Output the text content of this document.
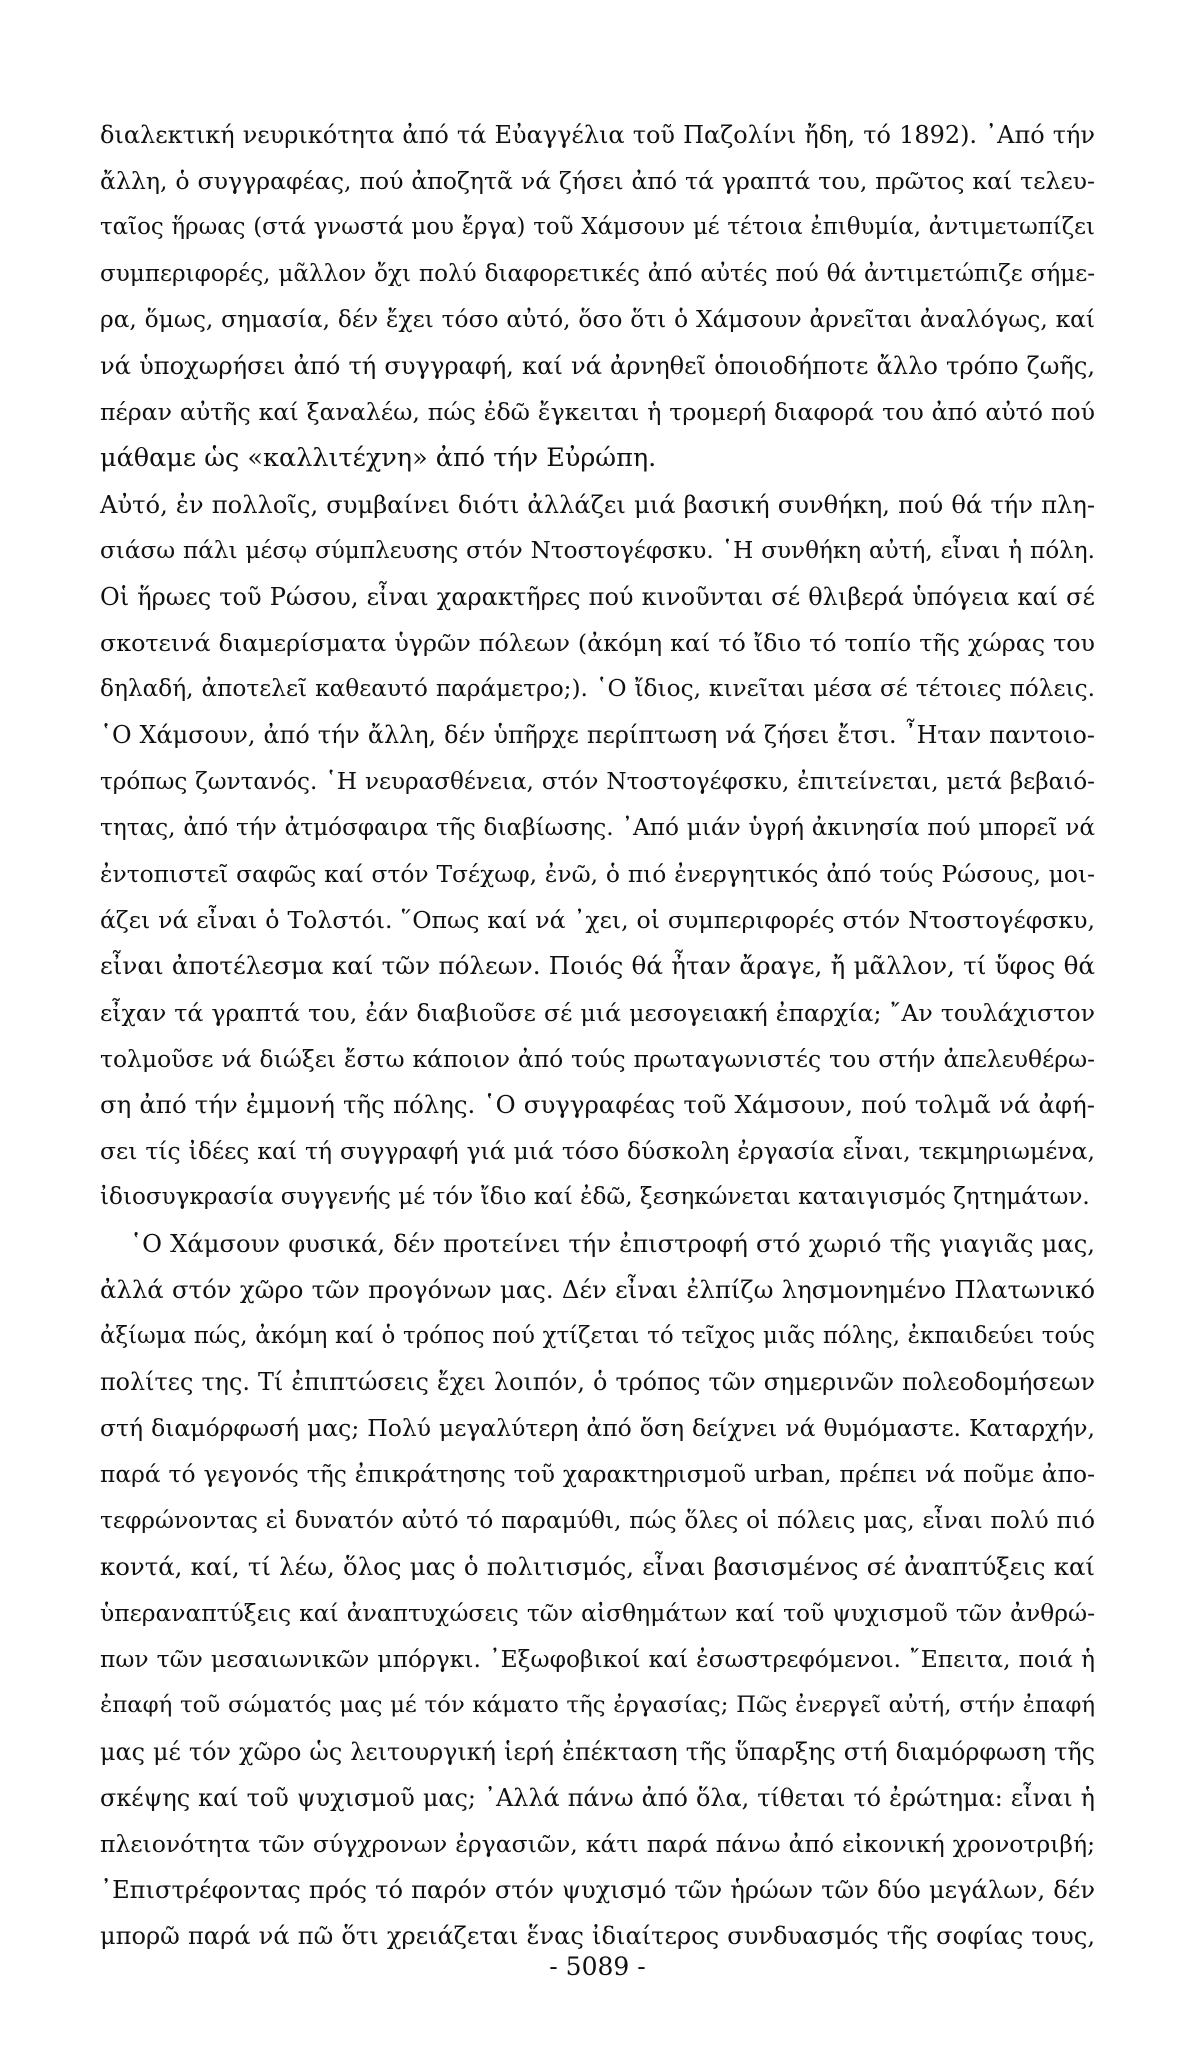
διαλεκτική νευρικότητα ἀπό τά Εὐαγγέλια τοῦ Παζολίνι ἤδη, τό 1892). ᾿Από τήν
ἄλλη, ὁ συγγραφέας, πού ἀποζητᾶ νά ζήσει ἀπό τά γραπτά του, πρῶτος καί τελευ-
ταῖος ἥρωας (στά γνωστά μου ἔργα) τοῦ Χάμσουν μέ τέτοια ἐπιθυμία, ἀντιμετωπίζει
συμπεριφορές, μᾶλλον ὄχι πολύ διαφορετικές ἀπό αὐτές πού θά ἀντιμετώπιζε σήμε-
ρα, ὅμως, σημασία, δέν ἔχει τόσο αὐτό, ὅσο ὅτι ὁ Χάμσουν ἀρνεῖται ἀναλόγως, καί
νά ὑποχωρήσει ἀπό τή συγγραφή, καί νά ἀρνηθεῖ ὁποιοδήποτε ἄλλο τρόπο ζωῆς,
πέραν αὐτῆς καί ξαναλέω, πώς ἐδῶ ἔγκειται ἡ τρομερή διαφορά του ἀπό αὐτό πού
μάθαμε ὡς «καλλιτέχνη» ἀπό τήν Εὐρώπη.
Αὐτό, ἐν πολλοῖς, συμβαίνει διότι ἀλλάζει μιά βασική συνθήκη, πού θά τήν πλη-
σιάσω πάλι μέσῳ σύμπλευσης στόν Ντοστογέφσκυ. ῾Η συνθήκη αὐτή, εἶναι ἡ πόλη.
Οἱ ἥρωες τοῦ Ρώσου, εἶναι χαρακτῆρες πού κινοῦνται σέ θλιβερά ὑπόγεια καί σέ
σκοτεινά διαμερίσματα ὑγρῶν πόλεων (ἀκόμη καί τό ἴδιο τό τοπίο τῆς χώρας του
δηλαδή, ἀποτελεῖ καθεαυτό παράμετρο;). ῾Ο ἴδιος, κινεῖται μέσα σέ τέτοιες πόλεις.
῾Ο Χάμσουν, ἀπό τήν ἄλλη, δέν ὑπῆρχε περίπτωση νά ζήσει ἔτσι. ῏Ηταν παντοιο-
τρόπως ζωντανός. ῾Η νευρασθένεια, στόν Ντοστογέφσκυ, ἐπιτείνεται, μετά βεβαιό-
τητας, ἀπό τήν ἀτμόσφαιρα τῆς διαβίωσης. ᾿Από μιάν ὑγρή ἀκινησία πού μπορεῖ νά
ἐντοπιστεῖ σαφῶς καί στόν Τσέχωφ, ἐνῶ, ὁ πιό ἐνεργητικός ἀπό τούς Ρώσους, μοι-
άζει νά εἶναι ὁ Τολστόι. ῞Οπως καί νά ᾿χει, οἱ συμπεριφορές στόν Ντοστογέφσκυ,
εἶναι ἀποτέλεσμα καί τῶν πόλεων. Ποιός θά ἦταν ἄραγε, ἤ μᾶλλον, τί ὕφος θά
εἶχαν τά γραπτά του, ἐάν διαβιοῦσε σέ μιά μεσογειακή ἐπαρχία; ῎Αν τουλάχιστον
τολμοῦσε νά διώξει ἔστω κάποιον ἀπό τούς πρωταγωνιστές του στήν ἀπελευθέρω-
ση ἀπό τήν ἐμμονή τῆς πόλης. ῾Ο συγγραφέας τοῦ Χάμσουν, πού τολμᾶ νά ἀφή-
σει τίς ἰδέες καί τή συγγραφή γιά μιά τόσο δύσκολη ἐργασία εἶναι, τεκμηριωμένα,
ἰδιοσυγκρασία συγγενής μέ τόν ἴδιο καί ἐδῶ, ξεσηκώνεται καταιγισμός ζητημάτων.
῾Ο Χάμσουν φυσικά, δέν προτείνει τήν ἐπιστροφή στό χωριό τῆς γιαγιᾶς μας,
ἀλλά στόν χῶρο τῶν προγόνων μας. Δέν εἶναι ἐλπίζω λησμονημένο Πλατωνικό
ἀξίωμα πώς, ἀκόμη καί ὁ τρόπος πού χτίζεται τό τεῖχος μιᾶς πόλης, ἐκπαιδεύει τούς
πολίτες της. Τί ἐπιπτώσεις ἔχει λοιπόν, ὁ τρόπος τῶν σημερινῶν πολεοδομήσεων
στή διαμόρφωσή μας; Πολύ μεγαλύτερη ἀπό ὅση δείχνει νά θυμόμαστε. Καταρχήν,
παρά τό γεγονός τῆς ἐπικράτησης τοῦ χαρακτηρισμοῦ urban, πρέπει νά ποῦμε ἀπο-
τεφρώνοντας εἰ δυνατόν αὐτό τό παραμύθι, πώς ὅλες οἱ πόλεις μας, εἶναι πολύ πιό
κοντά, καί, τί λέω, ὅλος μας ὁ πολιτισμός, εἶναι βασισμένος σέ ἀναπτύξεις καί
ὑπεραναπτύξεις καί ἀναπτυχώσεις τῶν αἰσθημάτων καί τοῦ ψυχισμοῦ τῶν ἀνθρώ-
πων τῶν μεσαιωνικῶν μπόργκι. ᾿Εξωφοβικοί καί ἐσωστρεφόμενοι. ῎Επειτα, ποιά ἡ
ἐπαφή τοῦ σώματός μας μέ τόν κάματο τῆς ἐργασίας; Πῶς ἐνεργεῖ αὐτή, στήν ἐπαφή
μας μέ τόν χῶρο ὡς λειτουργική ἱερή ἐπέκταση τῆς ὕπαρξης στή διαμόρφωση τῆς
σκέψης καί τοῦ ψυχισμοῦ μας; ᾿Αλλά πάνω ἀπό ὅλα, τίθεται τό ἐρώτημα: εἶναι ἡ
πλειονότητα τῶν σύγχρονων ἐργασιῶν, κάτι παρά πάνω ἀπό εἰκονική χρονοτριβή;
᾿Επιστρέφοντας πρός τό παρόν στόν ψυχισμό τῶν ἡρώων τῶν δύο μεγάλων, δέν
μπορῶ παρά νά πῶ ὅτι χρειάζεται ἕνας ἰδιαίτερος συνδυασμός τῆς σοφίας τους,
- 5089 -
